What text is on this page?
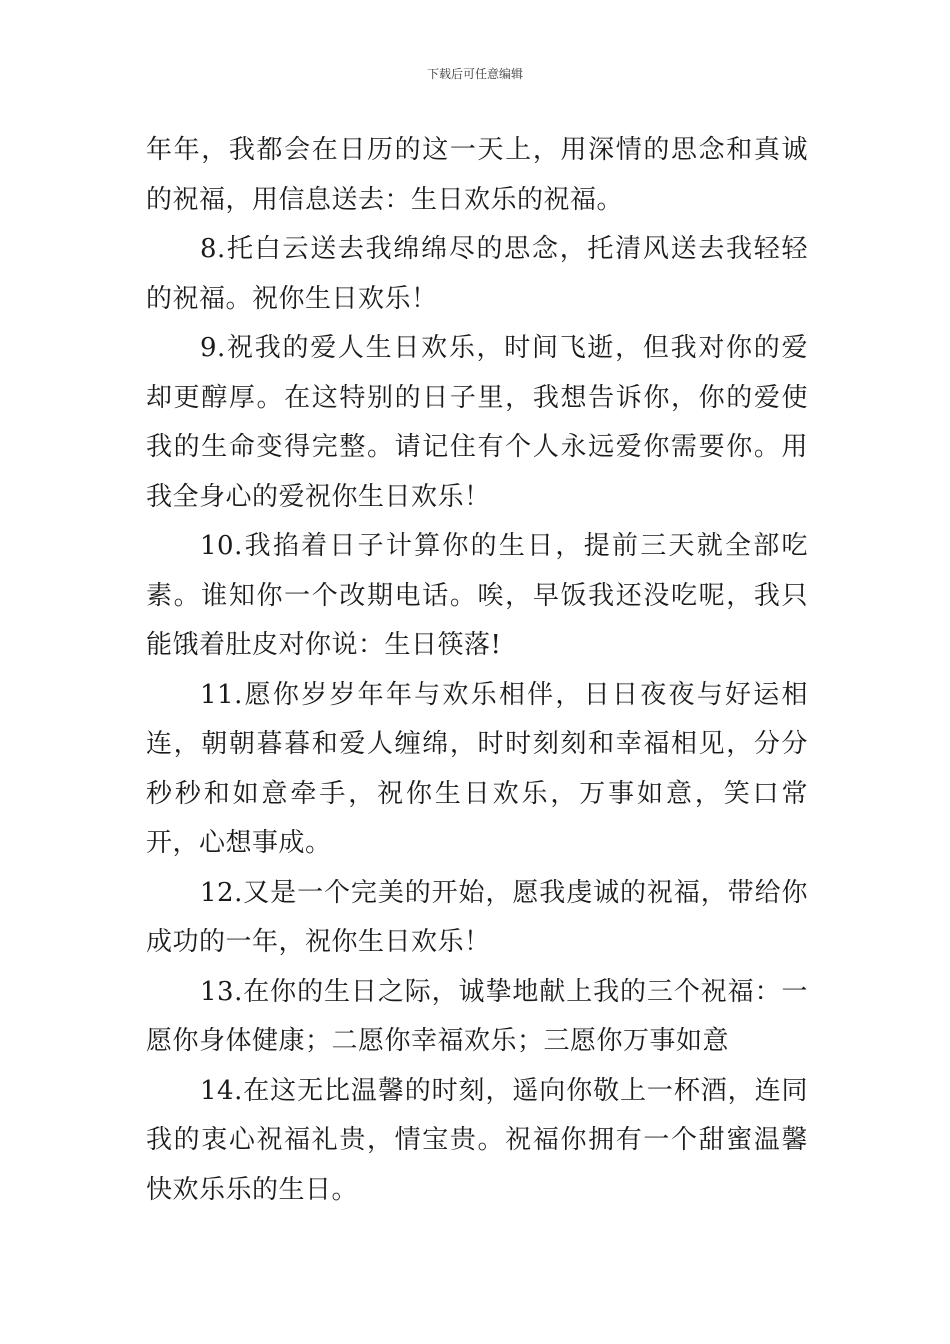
下载后可任意编辑

年年，我都会在日历的这一天上，用深情的思念和真诚的祝福，用信息送去：生日欢乐的祝福。

8.托白云送去我绵绵尽的思念，托清风送去我轻轻的祝福。祝你生日欢乐！

9.祝我的爱人生日欢乐，时间飞逝，但我对你的爱却更醇厚。在这特别的日子里，我想告诉你，你的爱使我的生命变得完整。请记住有个人永远爱你需要你。用我全身心的爱祝你生日欢乐！

10.我掐着日子计算你的生日，提前三天就全部吃素。谁知你一个改期电话。唉，早饭我还没吃呢，我只能饿着肚皮对你说：生日筷落!

11.愿你岁岁年年与欢乐相伴，日日夜夜与好运相连，朝朝暮暮和爱人缠绵，时时刻刻和幸福相见，分分秒秒和如意牵手，祝你生日欢乐，万事如意，笑口常开，心想事成。

12.又是一个完美的开始，愿我虔诚的祝福，带给你成功的一年，祝你生日欢乐！

13.在你的生日之际，诚挚地献上我的三个祝福：一愿你身体健康；二愿你幸福欢乐；三愿你万事如意

14.在这无比温馨的时刻，遥向你敬上一杯酒，连同我的衷心祝福礼贵，情宝贵。祝福你拥有一个甜蜜温馨快欢乐乐的生日。
